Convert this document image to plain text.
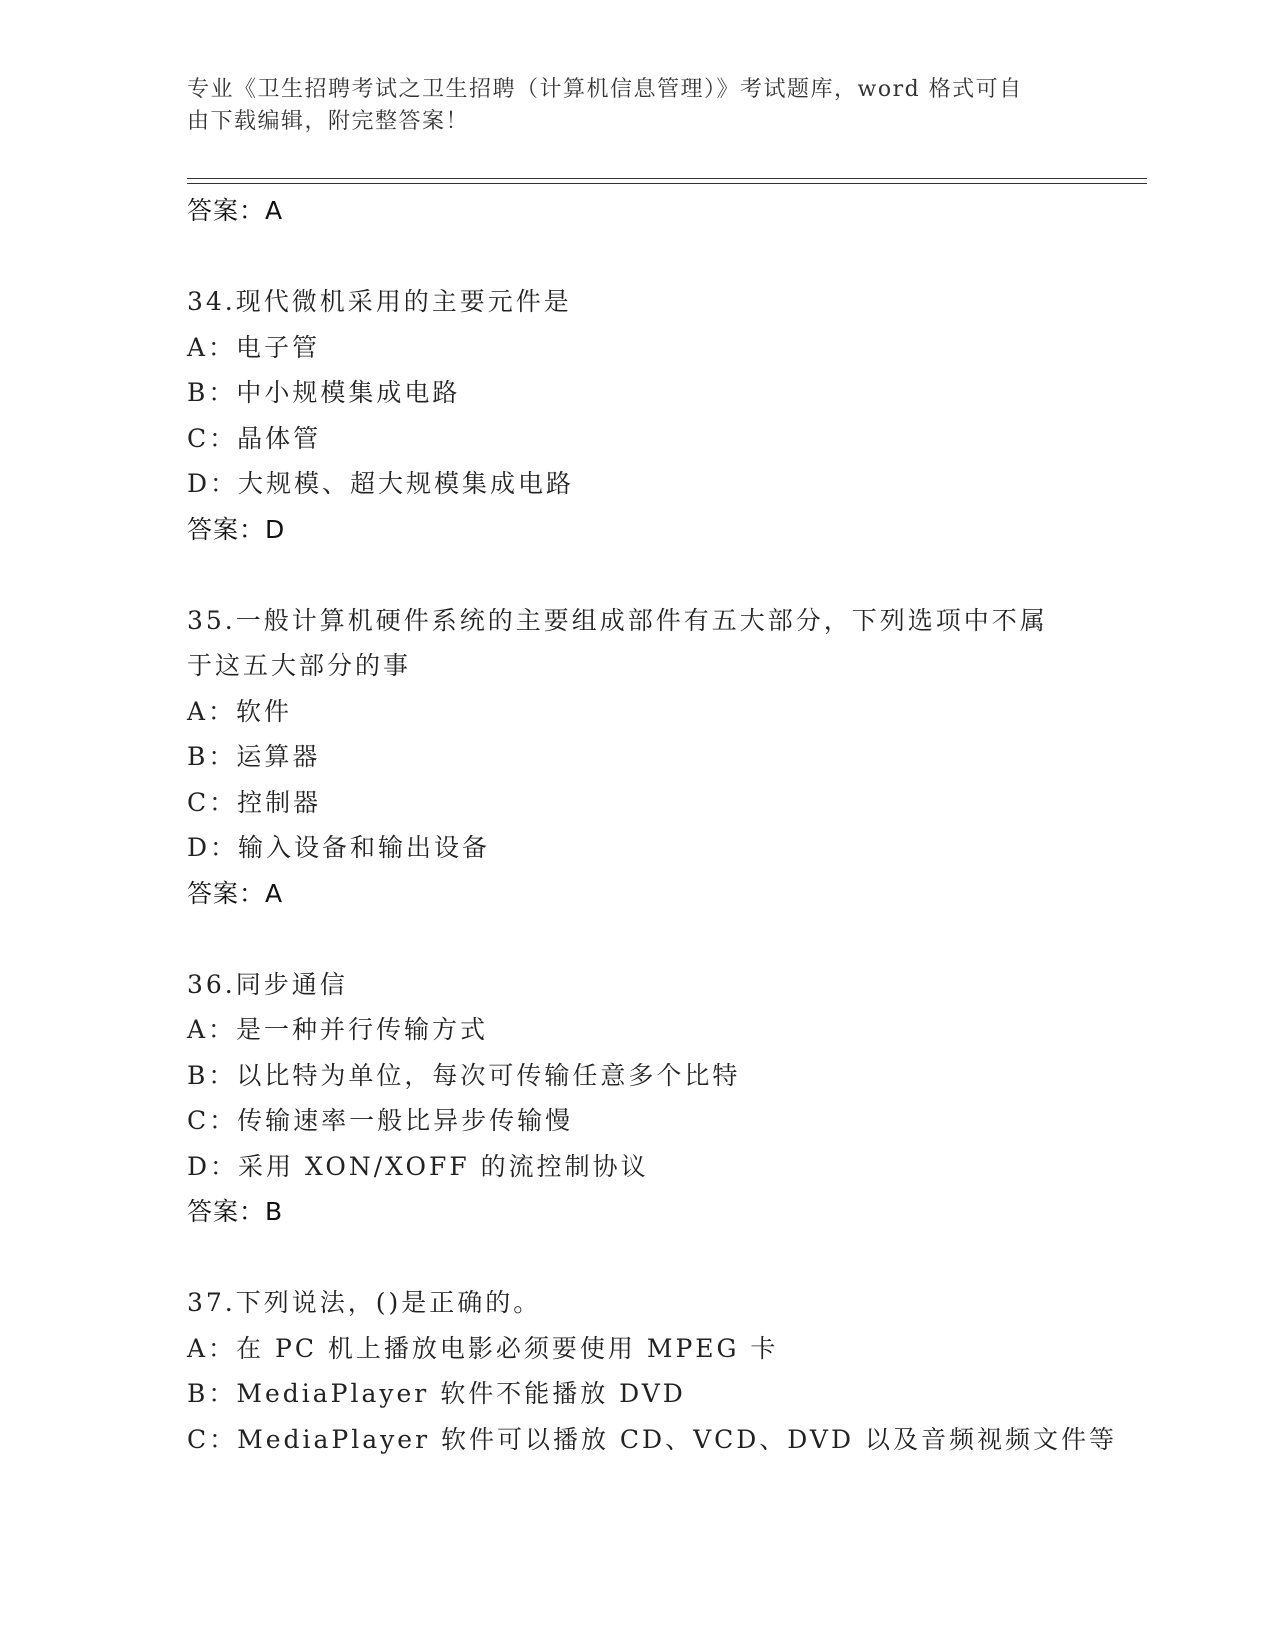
专业《卫生招聘考试之卫生招聘（计算机信息管理）》考试题库，word 格式可自
由下载编辑，附完整答案！
答案：A
34.现代微机采用的主要元件是
A：电子管
B：中小规模集成电路
C：晶体管
D：大规模、超大规模集成电路
答案：D
35.一般计算机硬件系统的主要组成部件有五大部分，下列选项中不属
于这五大部分的事
A：软件
B：运算器
C：控制器
D：输入设备和输出设备
答案：A
36.同步通信
A：是一种并行传输方式
B：以比特为单位，每次可传输任意多个比特
C：传输速率一般比异步传输慢
D：采用 XON/XOFF 的流控制协议
答案：B
37.下列说法，()是正确的。
A：在 PC 机上播放电影必须要使用 MPEG 卡
B：MediaPlayer 软件不能播放 DVD
C：MediaPlayer 软件可以播放 CD、VCD、DVD 以及音频视频文件等
